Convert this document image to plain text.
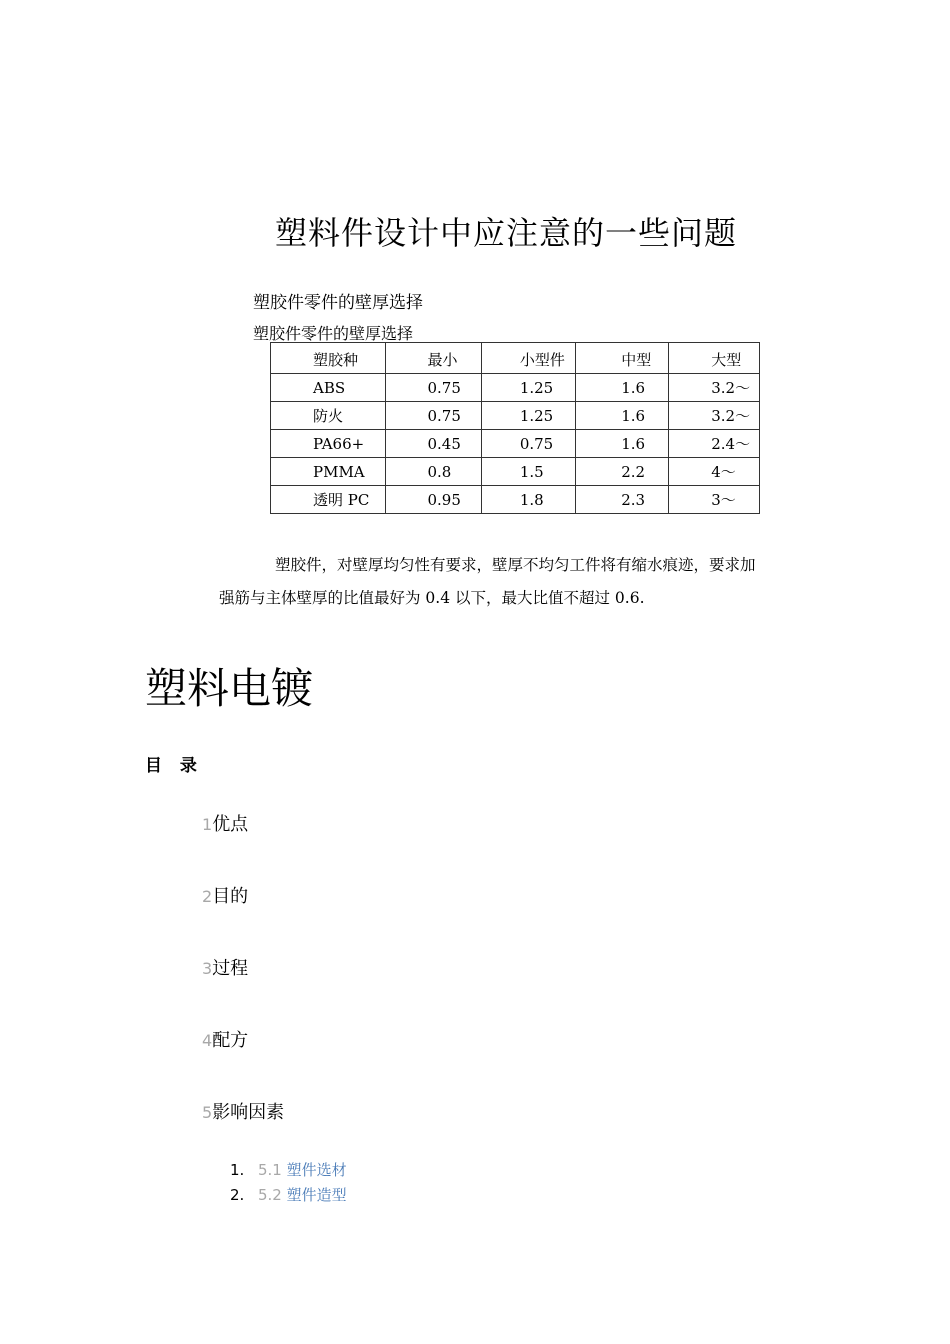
塑料件设计中应注意的一些问题
塑胶件零件的壁厚选择
塑胶件零件的壁厚选择
塑胶种	最小	小型件	中型	大型
ABS	0.75	1.25	1.6	3.2～
防火	0.75	1.25	1.6	3.2～
PA66+	0.45	0.75	1.6	2.4～
PMMA	0.8	1.5	2.2	4～
透明 PC	0.95	1.8	2.3	3～
塑胶件，对壁厚均匀性有要求，壁厚不均匀工件将有缩水痕迹，要求加
强筋与主体壁厚的比值最好为 0.4 以下，最大比值不超过 0.6.
塑料电镀
目 录
1优点
2目的
3过程
4配方
5影响因素
1. 5.1 塑件选材
2. 5.2 塑件造型
